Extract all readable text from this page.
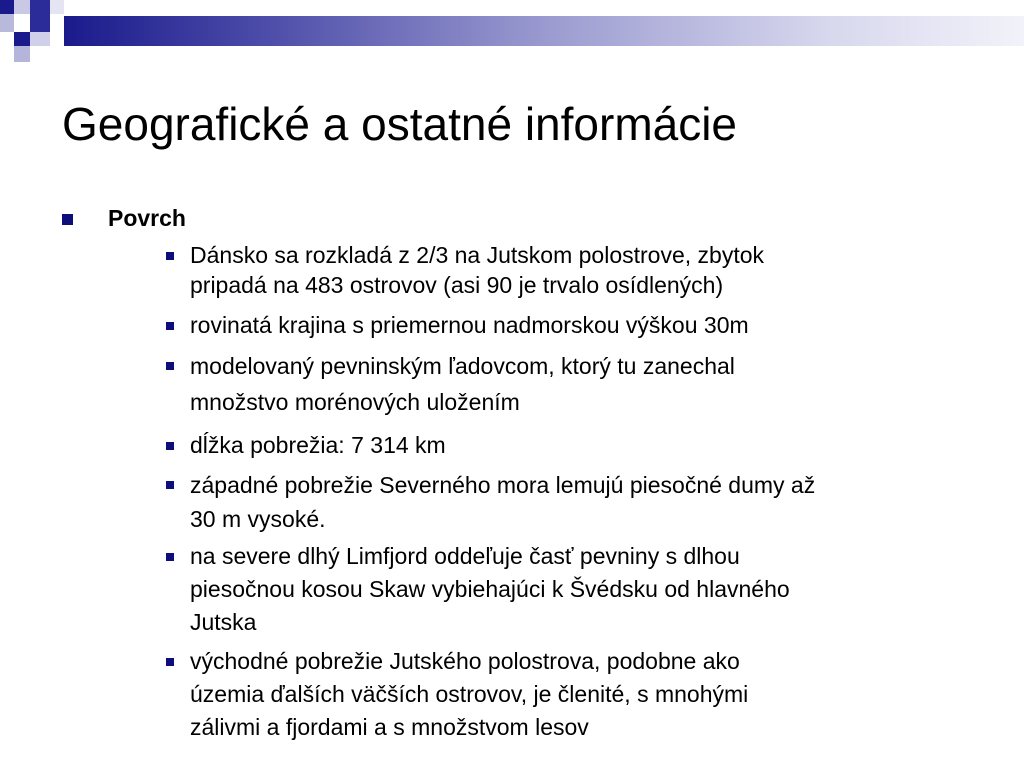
Geografické a ostatné informácie
Povrch
Dánsko sa rozkladá z 2/3 na Jutskom polostrove, zbytok
pripadá na 483 ostrovov (asi 90 je trvalo osídlených)
rovinatá krajina s priemernou nadmorskou výškou 30m
modelovaný pevninským ľadovcom, ktorý tu zanechal
množstvo morénových uložením
dĺžka pobrežia: 7 314 km
západné pobrežie Severného mora lemujú piesočné dumy až
30 m vysoké.
na severe dlhý Limfjord oddeľuje časť pevniny s dlhou
piesočnou kosou Skaw vybiehajúci k Švédsku od hlavného
Jutska
východné pobrežie Jutského polostrova, podobne ako
územia ďalších väčších ostrovov, je členité, s mnohými
zálivmi a fjordami a s množstvom lesov
